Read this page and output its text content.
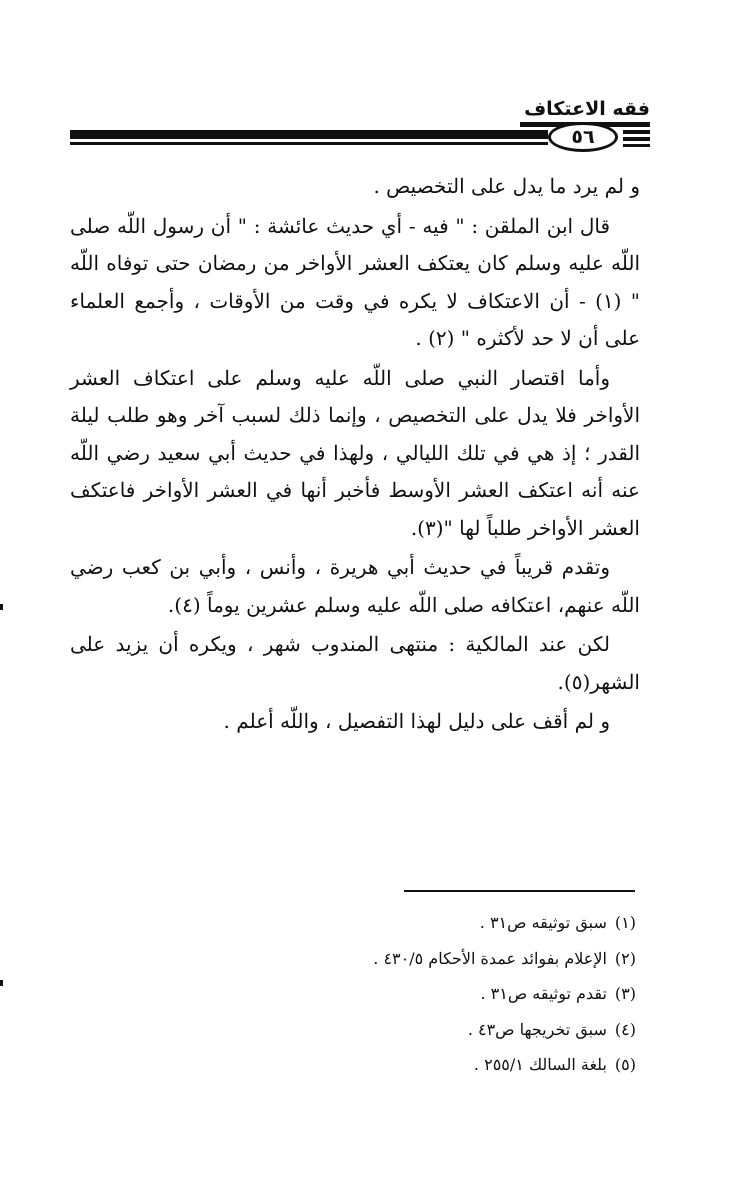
فقه الاعتكاف
٥٦

و لم يرد ما يدل على التخصيص .

قال ابن الملقن : " فيه - أي حديث عائشة : " أن رسول اللّه صلى اللّه عليه وسلم كان يعتكف العشر الأواخر من رمضان حتى توفاه اللّه " (١) - أن الاعتكاف لا يكره في وقت من الأوقات ، وأجمع العلماء على أن لا حد لأكثره " (٢) .

وأما اقتصار النبي صلى اللّه عليه وسلم على اعتكاف العشر الأواخر فلا يدل على التخصيص ، وإنما ذلك لسبب آخر وهو طلب ليلة القدر ؛ إذ هي في تلك الليالي ، ولهذا في حديث أبي سعيد رضي اللّه عنه أنه اعتكف العشر الأوسط فأخبر أنها في العشر الأواخر فاعتكف العشر الأواخر طلباً لها "(٣).

وتقدم قريباً في حديث أبي هريرة ، وأنس ، وأبي بن كعب رضي اللّه عنهم، اعتكافه صلى اللّه عليه وسلم عشرين يوماً (٤).

لكن عند المالكية : منتهى المندوب شهر ، ويكره أن يزيد على الشهر(٥).

و لم أقف على دليل لهذا التفصيل ، واللّه أعلم .

(١)سبق توثيقه ص٣١ .
(٢)الإعلام بفوائد عمدة الأحكام ٤٣٠/٥ .
(٣)تقدم توثيقه ص٣١ .
(٤)سبق تخريجها ص٤٣ .
(٥)بلغة السالك ٢٥٥/١ .
